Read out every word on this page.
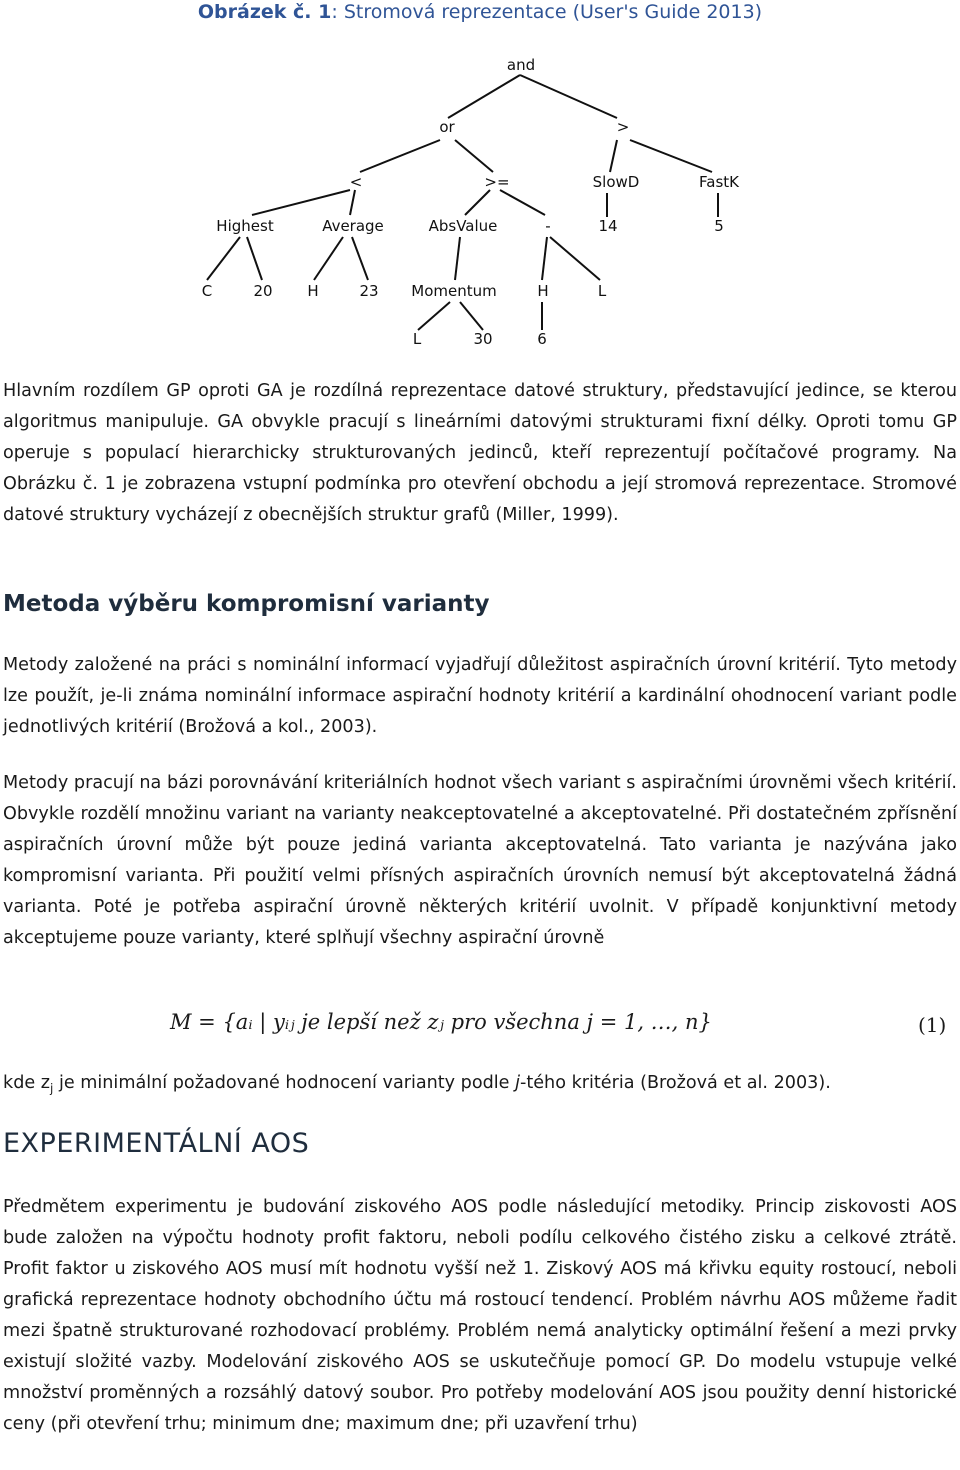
Obrázek č. 1: Stromová reprezentace (User's Guide 2013)
and
or	>
<	>=	SlowD	FastK
Highest	Average	AbsValue	-	14	5
C	20 H	23 Momentum	H	L
L	30	6

Hlavním rozdílem GP oproti GA je rozdílná reprezentace datové struktury, představující jedince, se kterou algoritmus manipuluje. GA obvykle pracují s lineárními datovými strukturami fixní délky. Oproti tomu GP operuje s populací hierarchicky strukturovaných jedinců, kteří reprezentují počítačové programy. Na Obrázku č. 1 je zobrazena vstupní podmínka pro otevření obchodu a její stromová reprezentace. Stromové datové struktury vycházejí z obecnějších struktur grafů (Miller, 1999).

Metoda výběru kompromisní varianty

Metody založené na práci s nominální informací vyjadřují důležitost aspiračních úrovní kritérií. Tyto metody lze použít, je-li známa nominální informace aspirační hodnoty kritérií a kardinální ohodnocení variant podle jednotlivých kritérií (Brožová a kol., 2003).

Metody pracují na bázi porovnávání kriteriálních hodnot všech variant s aspiračními úrovněmi všech kritérií. Obvykle rozdělí množinu variant na varianty neakceptovatelné a akceptovatelné. Při dostatečném zpřísnění aspiračních úrovní může být pouze jediná varianta akceptovatelná. Tato varianta je nazývána jako kompromisní varianta. Při použití velmi přísných aspiračních úrovních nemusí být akceptovatelná žádná varianta. Poté je potřeba aspirační úrovně některých kritérií uvolnit. V případě konjunktivní metody akceptujeme pouze varianty, které splňují všechny aspirační úrovně

M = {aᵢ | yᵢⱼ je lepší než zⱼ pro všechna j = 1, …, n}	(1)

kde $z_j$ je minimální požadované hodnocení varianty podle j-tého kritéria (Brožová et al. 2003).

EXPERIMENTÁLNÍ AOS

Předmětem experimentu je budování ziskového AOS podle následující metodiky. Princip ziskovosti AOS bude založen na výpočtu hodnoty profit faktoru, neboli podílu celkového čistého zisku a celkové ztrátě. Profit faktor u ziskového AOS musí mít hodnotu vyšší než 1. Ziskový AOS má křivku equity rostoucí, neboli grafická reprezentace hodnoty obchodního účtu má rostoucí tendencí. Problém návrhu AOS můžeme řadit mezi špatně strukturované rozhodovací problémy. Problém nemá analyticky optimální řešení a mezi prvky existují složité vazby. Modelování ziskového AOS se uskutečňuje pomocí GP. Do modelu vstupuje velké množství proměnných a rozsáhlý datový soubor. Pro potřeby modelování AOS jsou použity denní historické ceny (při otevření trhu; minimum dne; maximum dne; při uzavření trhu)
